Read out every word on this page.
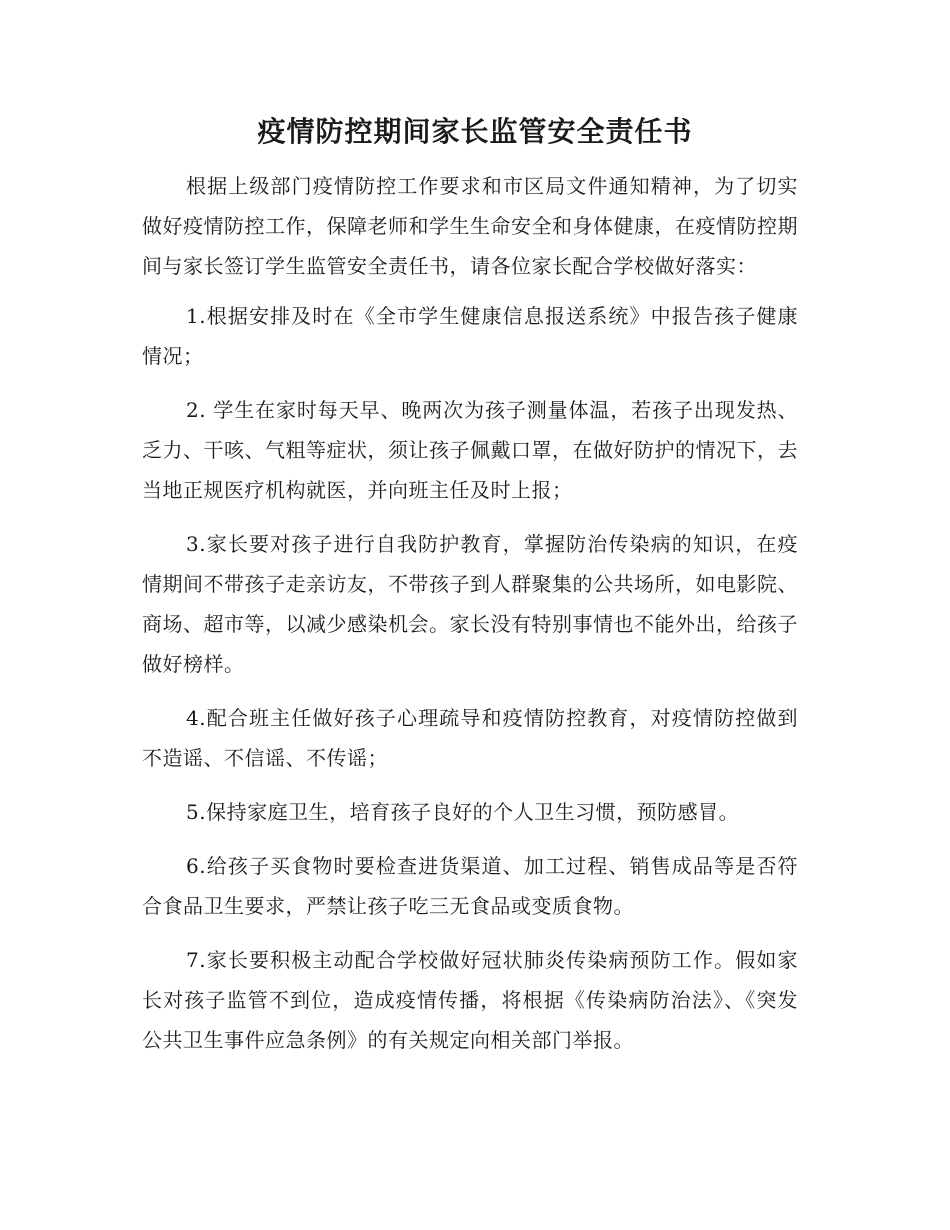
疫情防控期间家长监管安全责任书

根据上级部门疫情防控工作要求和市区局文件通知精神，为了切实做好疫情防控工作，保障老师和学生生命安全和身体健康，在疫情防控期间与家长签订学生监管安全责任书，请各位家长配合学校做好落实：

1.根据安排及时在《全市学生健康信息报送系统》中报告孩子健康情况；

2. 学生在家时每天早、晚两次为孩子测量体温，若孩子出现发热、乏力、干咳、气粗等症状，须让孩子佩戴口罩，在做好防护的情况下，去当地正规医疗机构就医，并向班主任及时上报；

3.家长要对孩子进行自我防护教育，掌握防治传染病的知识，在疫情期间不带孩子走亲访友，不带孩子到人群聚集的公共场所，如电影院、商场、超市等，以减少感染机会。家长没有特别事情也不能外出，给孩子做好榜样。

4.配合班主任做好孩子心理疏导和疫情防控教育，对疫情防控做到不造谣、不信谣、不传谣；

5.保持家庭卫生，培育孩子良好的个人卫生习惯，预防感冒。

6.给孩子买食物时要检查进货渠道、加工过程、销售成品等是否符合食品卫生要求，严禁让孩子吃三无食品或变质食物。

7.家长要积极主动配合学校做好冠状肺炎传染病预防工作。假如家长对孩子监管不到位，造成疫情传播，将根据《传染病防治法》、《突发公共卫生事件应急条例》的有关规定向相关部门举报。
